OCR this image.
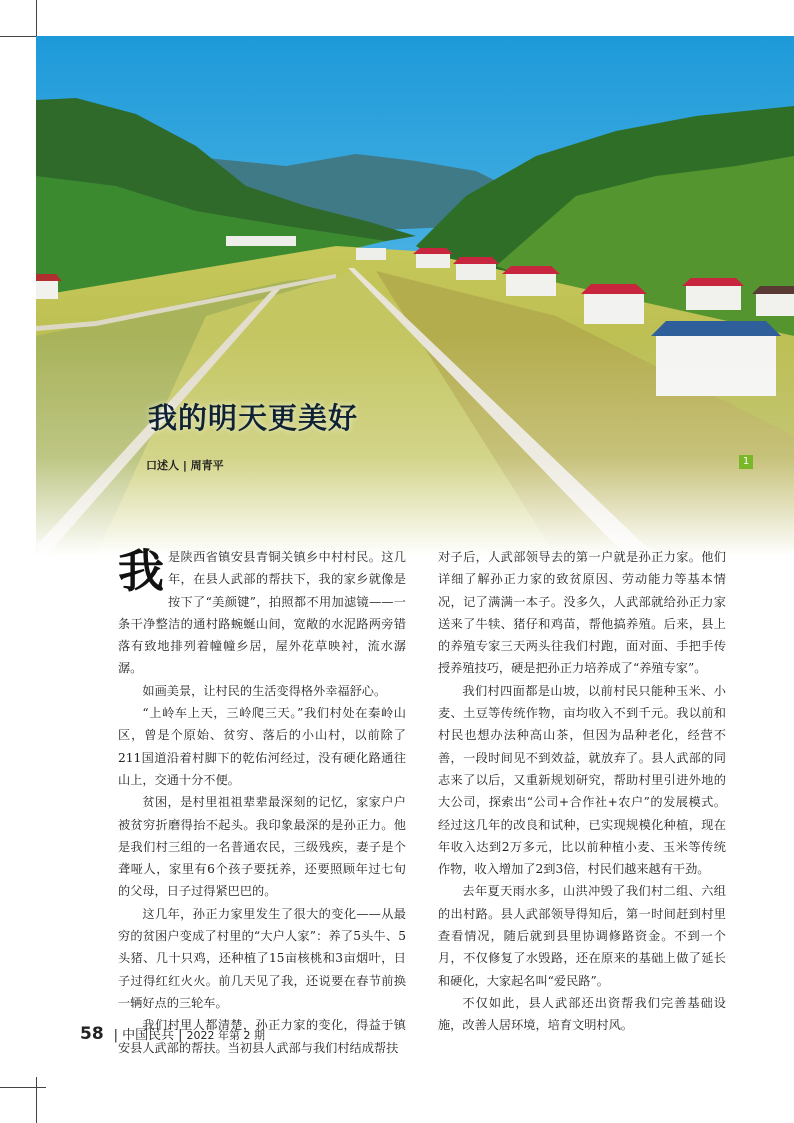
我的明天更美好
口述人 | 周青平	1

我是陕西省镇安县青铜关镇乡中村村民。这几年，在县人武部的帮扶下，我的家乡就像是按下了“美颜键”，拍照都不用加滤镜——一条干净整洁的通村路蜿蜒山间，宽敞的水泥路两旁错落有致地排列着幢幢乡居，屋外花草映衬，流水潺潺。

如画美景，让村民的生活变得格外幸福舒心。

“上岭车上天，三岭爬三天。”我们村处在秦岭山区，曾是个原始、贫穷、落后的小山村，以前除了211国道沿着村脚下的乾佑河经过，没有硬化路通往山上，交通十分不便。

贫困，是村里祖祖辈辈最深刻的记忆，家家户户被贫穷折磨得抬不起头。我印象最深的是孙正力。他是我们村三组的一名普通农民，三级残疾，妻子是个聋哑人，家里有6个孩子要抚养，还要照顾年过七旬的父母，日子过得紧巴巴的。

这几年，孙正力家里发生了很大的变化——从最穷的贫困户变成了村里的“大户人家”：养了5头牛、5头猪、几十只鸡，还种植了15亩核桃和3亩烟叶，日子过得红红火火。前几天见了我，还说要在春节前换一辆好点的三轮车。

我们村里人都清楚，孙正力家的变化，得益于镇安县人武部的帮扶。当初县人武部与我们村结成帮扶

对子后，人武部领导去的第一户就是孙正力家。他们详细了解孙正力家的致贫原因、劳动能力等基本情况，记了满满一本子。没多久，人武部就给孙正力家送来了牛犊、猪仔和鸡苗，帮他搞养殖。后来，县上的养殖专家三天两头往我们村跑，面对面、手把手传授养殖技巧，硬是把孙正力培养成了“养殖专家”。

我们村四面都是山坡，以前村民只能种玉米、小麦、土豆等传统作物，亩均收入不到千元。我以前和村民也想办法种高山茶，但因为品种老化，经营不善，一段时间见不到效益，就放弃了。县人武部的同志来了以后，又重新规划研究，帮助村里引进外地的大公司，探索出“公司+合作社+农户”的发展模式。经过这几年的改良和试种，已实现规模化种植，现在年收入达到2万多元，比以前种植小麦、玉米等传统作物，收入增加了2到3倍，村民们越来越有干劲。

去年夏天雨水多，山洪冲毁了我们村二组、六组的出村路。县人武部领导得知后，第一时间赶到村里查看情况，随后就到县里协调修路资金。不到一个月，不仅修复了水毁路，还在原来的基础上做了延长和硬化，大家起名叫“爱民路”。

不仅如此，县人武部还出资帮我们完善基础设施，改善人居环境，培育文明村风。

58 | 中国民兵 | 2022 年第 2 期
